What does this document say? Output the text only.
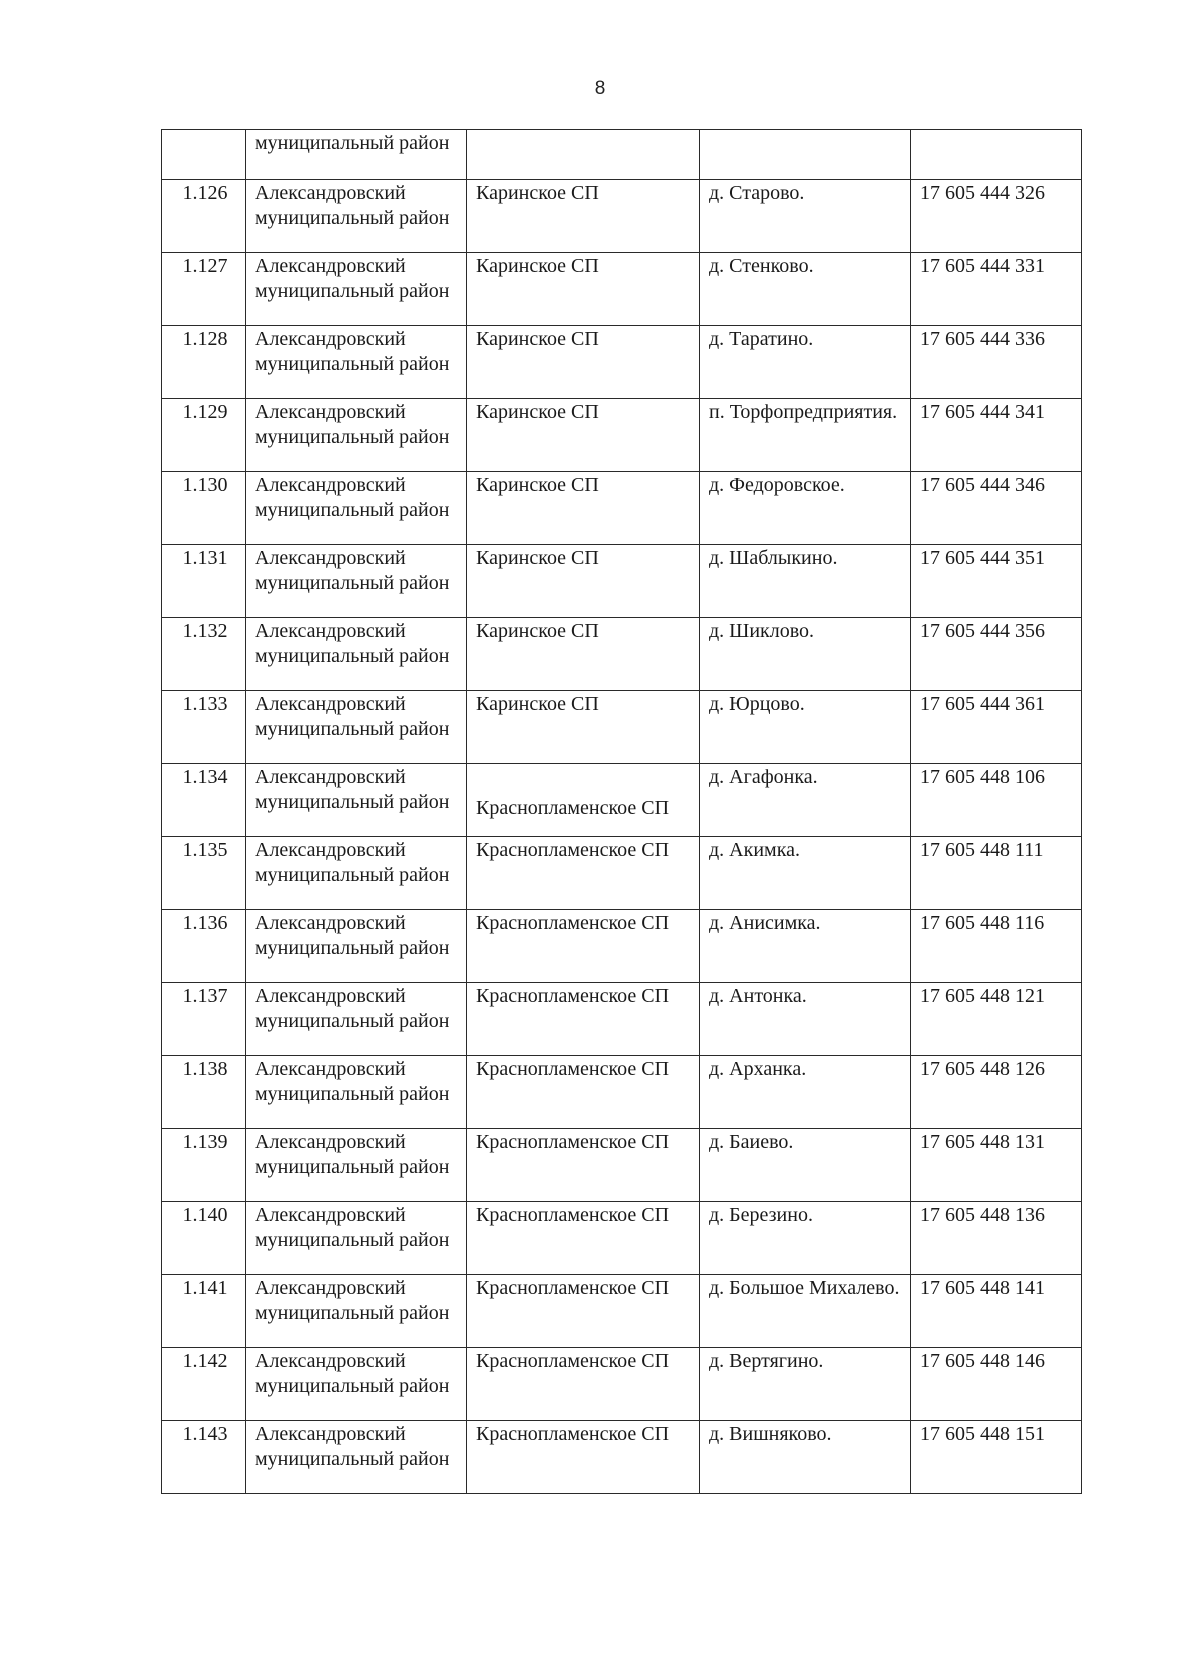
8

	муниципальный район			

1.126	Александровский муниципальный район	Каринское СП	д. Старово.	17 605 444 326
1.127	Александровский муниципальный район	Каринское СП	д. Стенково.	17 605 444 331
1.128	Александровский муниципальный район	Каринское СП	д. Таратино.	17 605 444 336
1.129	Александровский муниципальный район	Каринское СП	п. Торфопредприятия.	17 605 444 341
1.130	Александровский муниципальный район	Каринское СП	д. Федоровское.	17 605 444 346
1.131	Александровский муниципальный район	Каринское СП	д. Шаблыкино.	17 605 444 351
1.132	Александровский муниципальный район	Каринское СП	д. Шиклово.	17 605 444 356
1.133	Александровский муниципальный район	Каринское СП	д. Юрцово.	17 605 444 361
1.134	Александровский муниципальный район	Краснопламенское СП	д. Агафонка.	17 605 448 106
1.135	Александровский муниципальный район	Краснопламенское СП	д. Акимка.	17 605 448 111
1.136	Александровский муниципальный район	Краснопламенское СП	д. Анисимка.	17 605 448 116
1.137	Александровский муниципальный район	Краснопламенское СП	д. Антонка.	17 605 448 121
1.138	Александровский муниципальный район	Краснопламенское СП	д. Арханка.	17 605 448 126
1.139	Александровский муниципальный район	Краснопламенское СП	д. Баиево.	17 605 448 131
1.140	Александровский муниципальный район	Краснопламенское СП	д. Березино.	17 605 448 136
1.141	Александровский муниципальный район	Краснопламенское СП	д. Большое Михалево.	17 605 448 141
1.142	Александровский муниципальный район	Краснопламенское СП	д. Вертягино.	17 605 448 146
1.143	Александровский муниципальный район	Краснопламенское СП	д. Вишняково.	17 605 448 151
